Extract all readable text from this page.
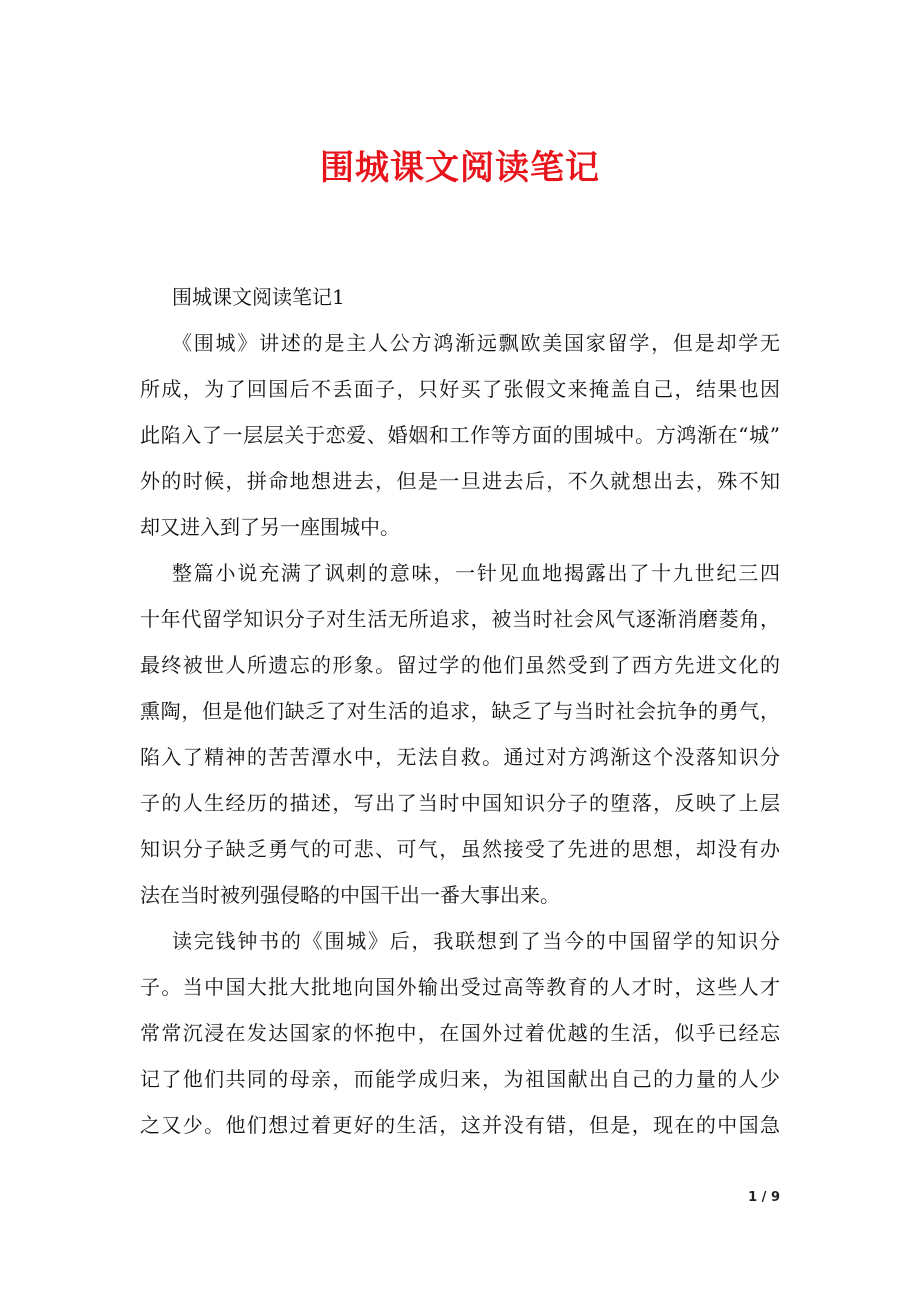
围城课文阅读笔记
围城课文阅读笔记1
《围城》讲述的是主人公方鸿渐远飘欧美国家留学，但是却学无
所成，为了回国后不丢面子，只好买了张假文来掩盖自己，结果也因
此陷入了一层层关于恋爱、婚姻和工作等方面的围城中。方鸿渐在“城”
外的时候，拼命地想进去，但是一旦进去后，不久就想出去，殊不知
却又进入到了另一座围城中。
整篇小说充满了讽刺的意味，一针见血地揭露出了十九世纪三四
十年代留学知识分子对生活无所追求，被当时社会风气逐渐消磨菱角，
最终被世人所遗忘的形象。留过学的他们虽然受到了西方先进文化的
熏陶，但是他们缺乏了对生活的追求，缺乏了与当时社会抗争的勇气，
陷入了精神的苦苦潭水中，无法自救。通过对方鸿渐这个没落知识分
子的人生经历的描述，写出了当时中国知识分子的堕落，反映了上层
知识分子缺乏勇气的可悲、可气，虽然接受了先进的思想，却没有办
法在当时被列强侵略的中国干出一番大事出来。
读完钱钟书的《围城》后，我联想到了当今的中国留学的知识分
子。当中国大批大批地向国外输出受过高等教育的人才时，这些人才
常常沉浸在发达国家的怀抱中，在国外过着优越的生活，似乎已经忘
记了他们共同的母亲，而能学成归来，为祖国献出自己的力量的人少
之又少。他们想过着更好的生活，这并没有错，但是，现在的中国急
1 / 9
